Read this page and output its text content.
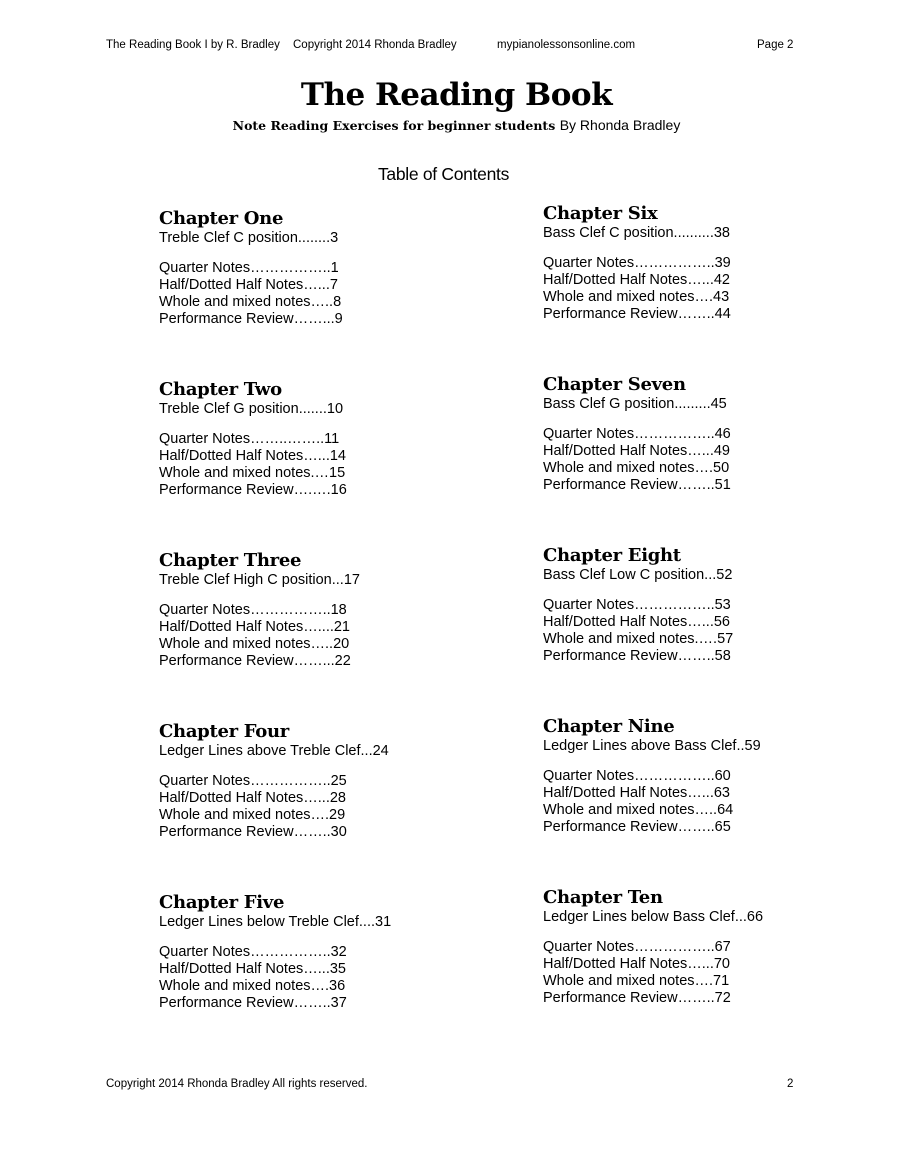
The Reading Book I by R. Bradley Copyright 2014 Rhonda Bradley	mypianolessonsonline.com	Page 2
The Reading Book
Note Reading Exercises for beginner students By Rhonda Bradley
Table of Contents
Chapter One
Treble Clef C position........3
Quarter Notes……………..1
Half/Dotted Half Notes…...7
Whole and mixed notes…..8
Performance Review……...9
Chapter Two
Treble Clef G position.......10
Quarter Notes……..……..11
Half/Dotted Half Notes…...14
Whole and mixed notes.…15
Performance Review….….16
Chapter Three
Treble Clef High C position...17
Quarter Notes……………..18
Half/Dotted Half Notes…....21
Whole and mixed notes…..20
Performance Review……...22
Chapter Four
Ledger Lines above Treble Clef...24
Quarter Notes……………..25
Half/Dotted Half Notes…...28
Whole and mixed notes….29
Performance Review……..30
Chapter Five
Ledger Lines below Treble Clef....31
Quarter Notes……………..32
Half/Dotted Half Notes…...35
Whole and mixed notes….36
Performance Review……..37
Chapter Six
Bass Clef C position..........38
Quarter Notes……………..39
Half/Dotted Half Notes…...42
Whole and mixed notes….43
Performance Review……..44
Chapter Seven
Bass Clef G position.........45
Quarter Notes……………..46
Half/Dotted Half Notes…...49
Whole and mixed notes….50
Performance Review……..51
Chapter Eight
Bass Clef Low C position...52
Quarter Notes……………..53
Half/Dotted Half Notes…...56
Whole and mixed notes.….57
Performance Review……..58
Chapter Nine
Ledger Lines above Bass Clef..59
Quarter Notes……………..60
Half/Dotted Half Notes…...63
Whole and mixed notes…..64
Performance Review……..65
Chapter Ten
Ledger Lines below Bass Clef...66
Quarter Notes……………..67
Half/Dotted Half Notes…...70
Whole and mixed notes….71
Performance Review……..72
Copyright 2014 Rhonda Bradley All rights reserved.	2
